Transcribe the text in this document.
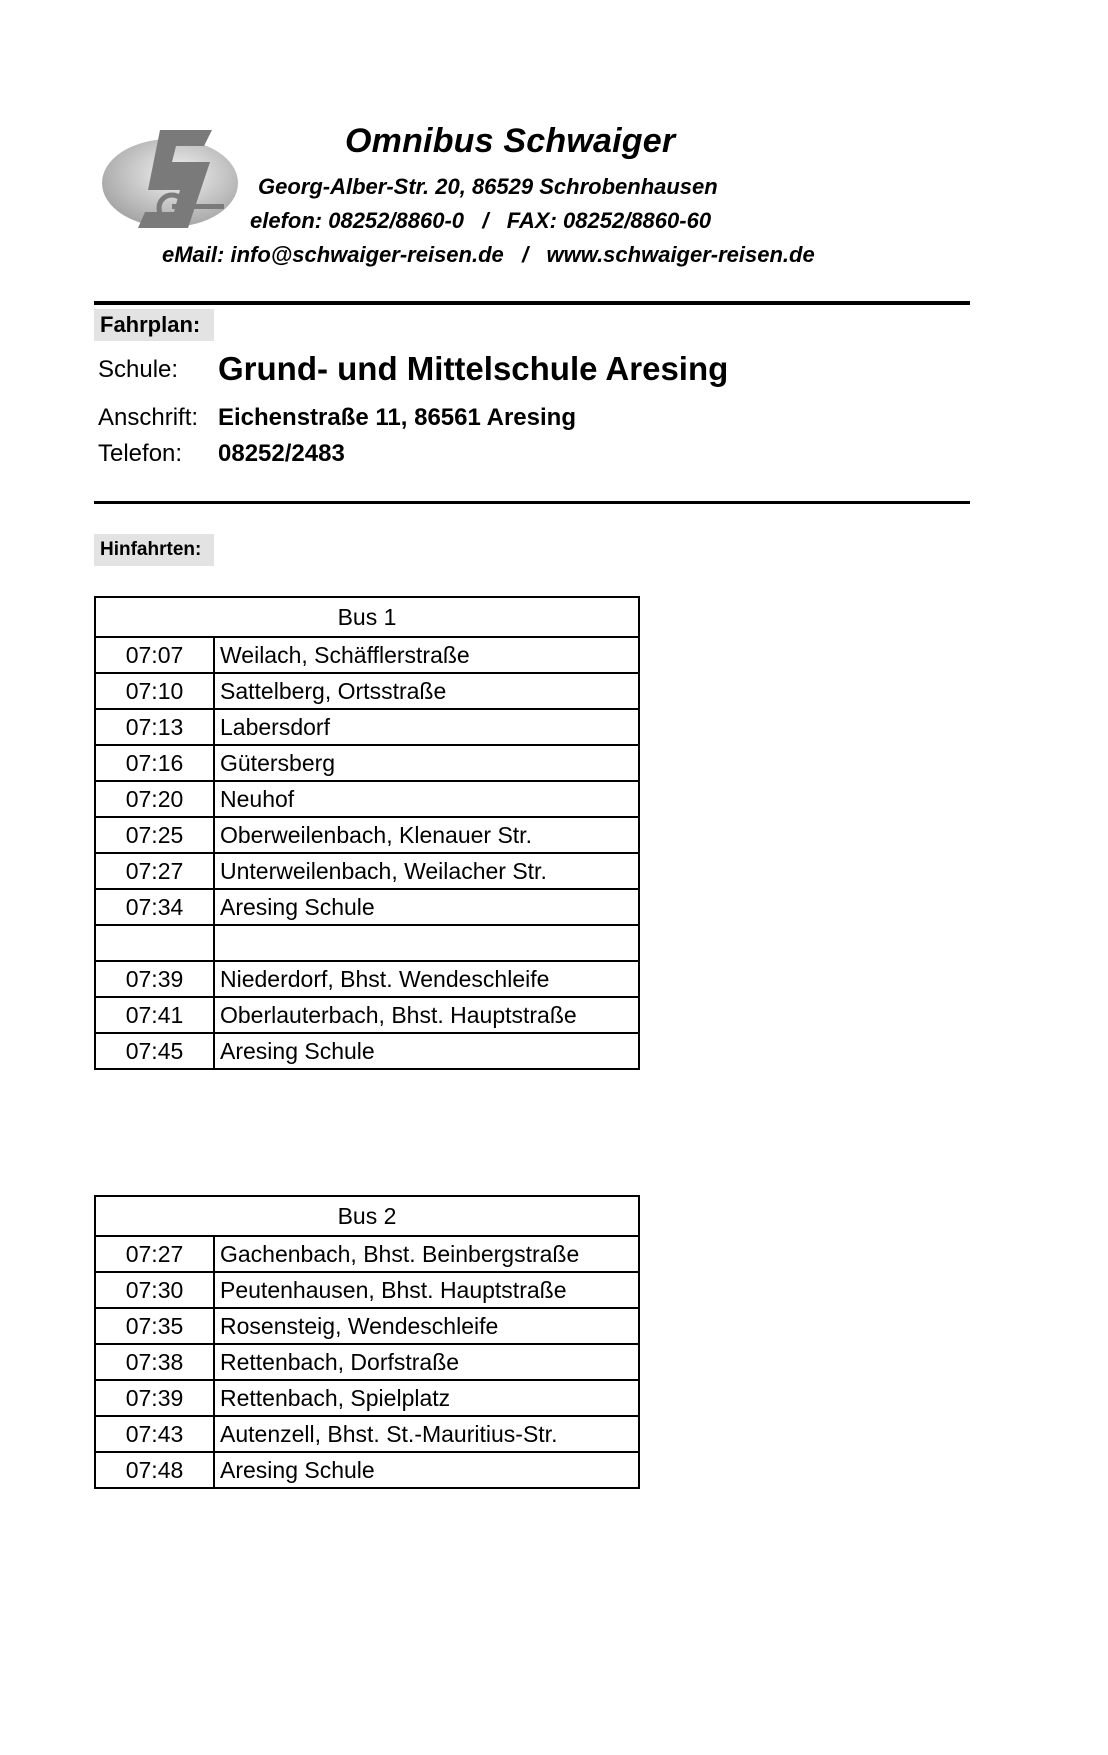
Omnibus Schwaiger
Georg-Alber-Str. 20, 86529 Schrobenhausen
elefon: 08252/8860-0   /   FAX: 08252/8860-60
eMail: info@schwaiger-reisen.de   /   www.schwaiger-reisen.de
Fahrplan:
Schule: Grund- und Mittelschule Aresing
Anschrift: Eichenstraße 11, 86561 Aresing
Telefon: 08252/2483
Hinfahrten:
Bus 1	
07:07	Weilach, Schäfflerstraße
07:10	Sattelberg, Ortsstraße
07:13	Labersdorf
07:16	Gütersberg
07:20	Neuhof
07:25	Oberweilenbach, Klenauer Str.
07:27	Unterweilenbach, Weilacher Str.
07:34	Aresing Schule

07:39	Niederdorf, Bhst. Wendeschleife
07:41	Oberlauterbach, Bhst. Hauptstraße
07:45	Aresing Schule
Bus 2	
07:27	Gachenbach, Bhst. Beinbergstraße
07:30	Peutenhausen, Bhst. Hauptstraße
07:35	Rosensteig, Wendeschleife
07:38	Rettenbach, Dorfstraße
07:39	Rettenbach, Spielplatz
07:43	Autenzell, Bhst. St.-Mauritius-Str.
07:48	Aresing Schule
